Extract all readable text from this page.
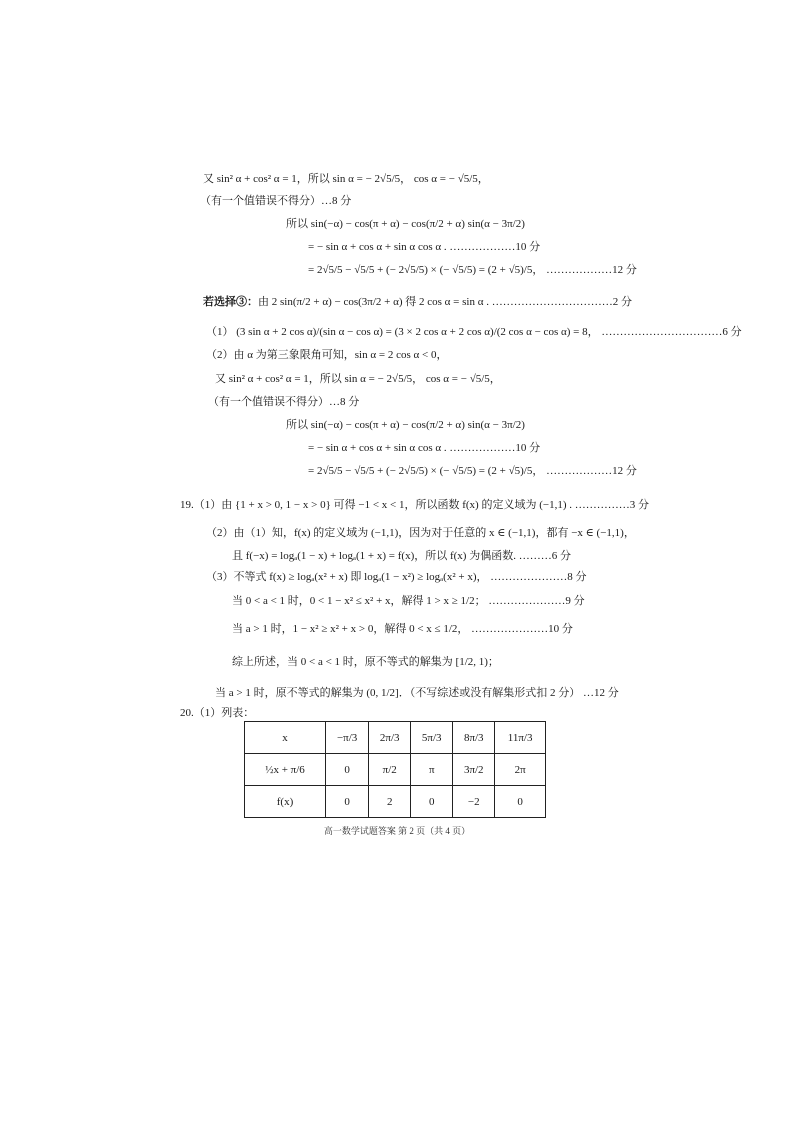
又 sin² α + cos² α = 1，所以 sin α = − 2√5/5， cos α = − √5/5，
（有一个值错误不得分）…8 分
所以 sin(−α) − cos(π + α) − cos(π/2 + α) sin(α − 3π/2)
= − sin α + cos α + sin α cos α . ………………10 分
= 2√5/5 − √5/5 + (− 2√5/5) × (− √5/5) = (2 + √5)/5， ………………12 分
若选择③：由 2 sin(π/2 + α) − cos(3π/2 + α) 得 2 cos α = sin α . ……………………………2 分
（1） (3 sin α + 2 cos α)/(sin α − cos α) = (3 × 2 cos α + 2 cos α)/(2 cos α − cos α) = 8， ……………………………6 分
（2）由 α 为第三象限角可知，sin α = 2 cos α < 0，
又 sin² α + cos² α = 1，所以 sin α = − 2√5/5， cos α = − √5/5，
（有一个值错误不得分）…8 分
所以 sin(−α) − cos(π + α) − cos(π/2 + α) sin(α − 3π/2)
= − sin α + cos α + sin α cos α . ………………10 分
= 2√5/5 − √5/5 + (− 2√5/5) × (− √5/5) = (2 + √5)/5， ………………12 分
19.（1）由 {1 + x > 0, 1 − x > 0} 可得 −1 < x < 1，所以函数 f(x) 的定义域为 (−1,1) . ……………3 分
（2）由（1）知，f(x) 的定义域为 (−1,1)，因为对于任意的 x ∈ (−1,1)，都有 −x ∈ (−1,1)，
且 f(−x) = logₐ(1 − x) + logₐ(1 + x) = f(x)，所以 f(x) 为偶函数. ………6 分
（3）不等式 f(x) ≥ logₐ(x² + x) 即 logₐ(1 − x²) ≥ logₐ(x² + x)， …………………8 分
当 0 < a < 1 时，0 < 1 − x² ≤ x² + x，解得 1 > x ≥ 1/2； …………………9 分
当 a > 1 时，1 − x² ≥ x² + x > 0，解得 0 < x ≤ 1/2， …………………10 分
综上所述，当 0 < a < 1 时，原不等式的解集为 [1/2, 1)；
当 a > 1 时，原不等式的解集为 (0, 1/2]．（不写综述或没有解集形式扣 2 分） …12 分
20.（1）列表：
x	−π/3	2π/3	5π/3	8π/3	11π/3
½x + π/6	0	π/2	π	3π/2	2π
f(x)	0	2	0	−2	0
高一数学试题答案 第 2 页（共 4 页）
